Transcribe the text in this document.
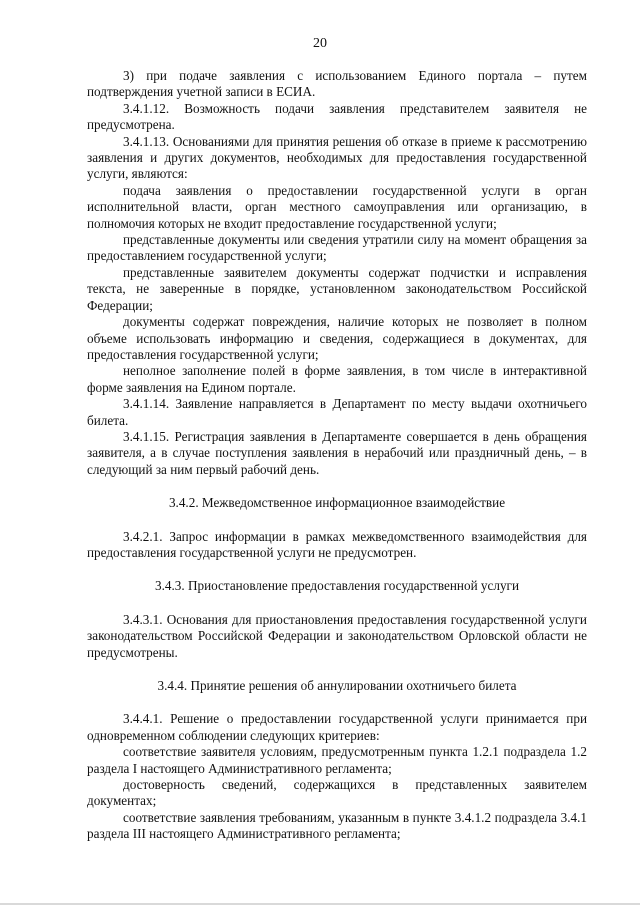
20

3) при подаче заявления с использованием Единого портала – путем подтверждения учетной записи в ЕСИА.

3.4.1.12. Возможность подачи заявления представителем заявителя не предусмотрена.

3.4.1.13. Основаниями для принятия решения об отказе в приеме к рассмотрению заявления и других документов, необходимых для предоставления государственной услуги, являются:

подача заявления о предоставлении государственной услуги в орган исполнительной власти, орган местного самоуправления или организацию, в полномочия которых не входит предоставление государственной услуги;

представленные документы или сведения утратили силу на момент обращения за предоставлением государственной услуги;

представленные заявителем документы содержат подчистки и исправления текста, не заверенные в порядке, установленном законодательством Российской Федерации;

документы содержат повреждения, наличие которых не позволяет в полном объеме использовать информацию и сведения, содержащиеся в документах, для предоставления государственной услуги;

неполное заполнение полей в форме заявления, в том числе в интерактивной форме заявления на Едином портале.

3.4.1.14. Заявление направляется в Департамент по месту выдачи охотничьего билета.

3.4.1.15. Регистрация заявления в Департаменте совершается в день обращения заявителя, а в случае поступления заявления в нерабочий или праздничный день, – в следующий за ним первый рабочий день.

3.4.2. Межведомственное информационное взаимодействие

3.4.2.1. Запрос информации в рамках межведомственного взаимодействия для предоставления государственной услуги не предусмотрен.

3.4.3. Приостановление предоставления государственной услуги

3.4.3.1. Основания для приостановления предоставления государственной услуги законодательством Российской Федерации и законодательством Орловской области не предусмотрены.

3.4.4. Принятие решения об аннулировании охотничьего билета

3.4.4.1. Решение о предоставлении государственной услуги принимается при одновременном соблюдении следующих критериев:

соответствие заявителя условиям, предусмотренным пункта 1.2.1 подраздела 1.2 раздела I настоящего Административного регламента;

достоверность сведений, содержащихся в представленных заявителем документах;

соответствие заявления требованиям, указанным в пункте 3.4.1.2 подраздела 3.4.1 раздела III настоящего Административного регламента;
